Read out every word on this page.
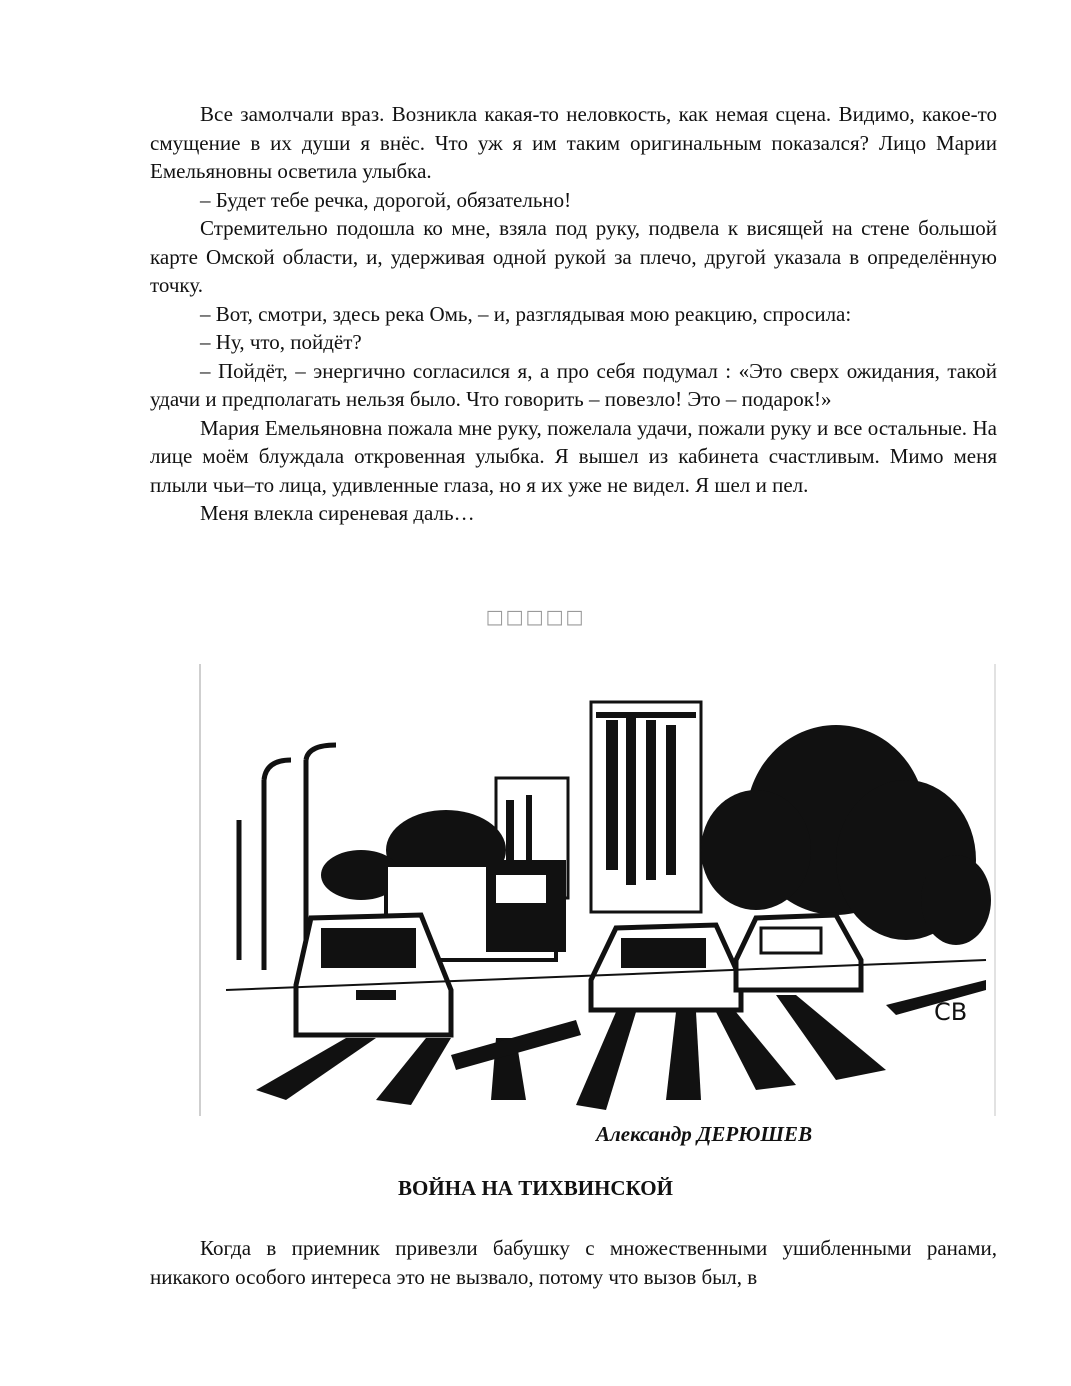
Все замолчали враз. Возникла какая-то неловкость, как немая сцена. Видимо, какое-то смущение в их души я внёс. Что уж я им таким оригинальным показался? Лицо Марии Емельяновны осветила улыбка.

– Будет тебе речка, дорогой, обязательно!

Стремительно подошла ко мне, взяла под руку, подвела к висящей на стене большой карте Омской области, и, удерживая одной рукой за плечо, другой указала в определённую точку.

– Вот, смотри, здесь река Омь, – и, разглядывая мою реакцию, спросила:

– Ну, что, пойдёт?

– Пойдёт, – энергично согласился я, а про себя подумал : «Это сверх ожидания, такой удачи и предполагать нельзя было. Что говорить – повезло! Это – подарок!»

Мария Емельяновна пожала мне руку, пожелала удачи, пожали руку и все остальные. На лице моём блуждала откровенная улыбка. Я вышел из кабинета счастливым. Мимо меня плыли чьи–то лица, удивленные глаза, но я их уже не видел. Я шел и пел.

Меня влекла сиреневая даль…

□□□□□
СВ
Александр ДЕРЮШЕВ
ВОЙНА НА ТИХВИНСКОЙ

Когда в приемник привезли бабушку с множественными ушибленными ранами, никакого особого интереса это не вызвало, потому что вызов был, в
